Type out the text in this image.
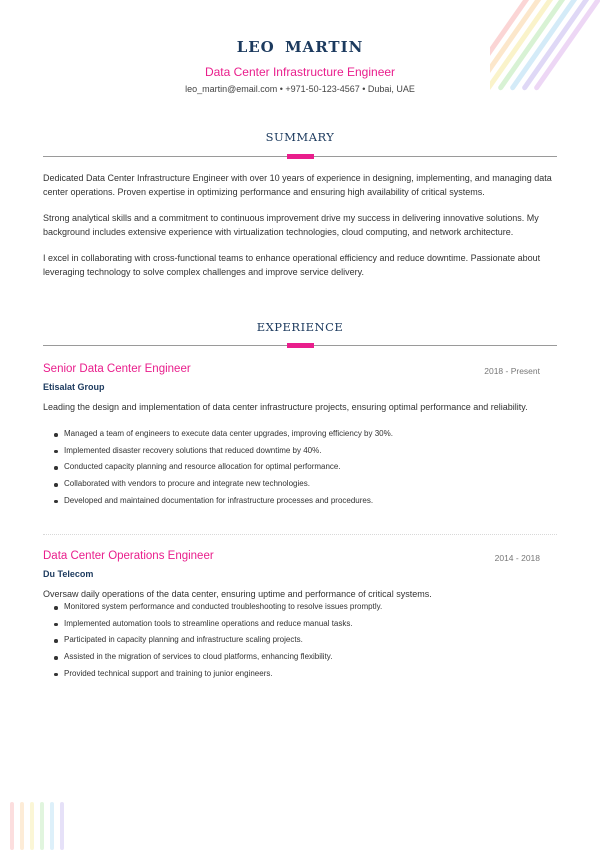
LEO MARTIN
Data Center Infrastructure Engineer
leo_martin@email.com • +971-50-123-4567 • Dubai, UAE
SUMMARY

Dedicated Data Center Infrastructure Engineer with over 10 years of experience in designing, implementing, and managing data center operations. Proven expertise in optimizing performance and ensuring high availability of critical systems.

Strong analytical skills and a commitment to continuous improvement drive my success in delivering innovative solutions. My background includes extensive experience with virtualization technologies, cloud computing, and network architecture.

I excel in collaborating with cross-functional teams to enhance operational efficiency and reduce downtime. Passionate about leveraging technology to solve complex challenges and improve service delivery.

EXPERIENCE
Senior Data Center Engineer	2018 - Present
Etisalat Group

Leading the design and implementation of data center infrastructure projects, ensuring optimal performance and reliability.

Managed a team of engineers to execute data center upgrades, improving efficiency by 30%.
Implemented disaster recovery solutions that reduced downtime by 40%.
Conducted capacity planning and resource allocation for optimal performance.
Collaborated with vendors to procure and integrate new technologies.
Developed and maintained documentation for infrastructure processes and procedures.
Data Center Operations Engineer	2014 - 2018
Du Telecom

Oversaw daily operations of the data center, ensuring uptime and performance of critical systems.

Monitored system performance and conducted troubleshooting to resolve issues promptly.
Implemented automation tools to streamline operations and reduce manual tasks.
Participated in capacity planning and infrastructure scaling projects.
Assisted in the migration of services to cloud platforms, enhancing flexibility.
Provided technical support and training to junior engineers.
